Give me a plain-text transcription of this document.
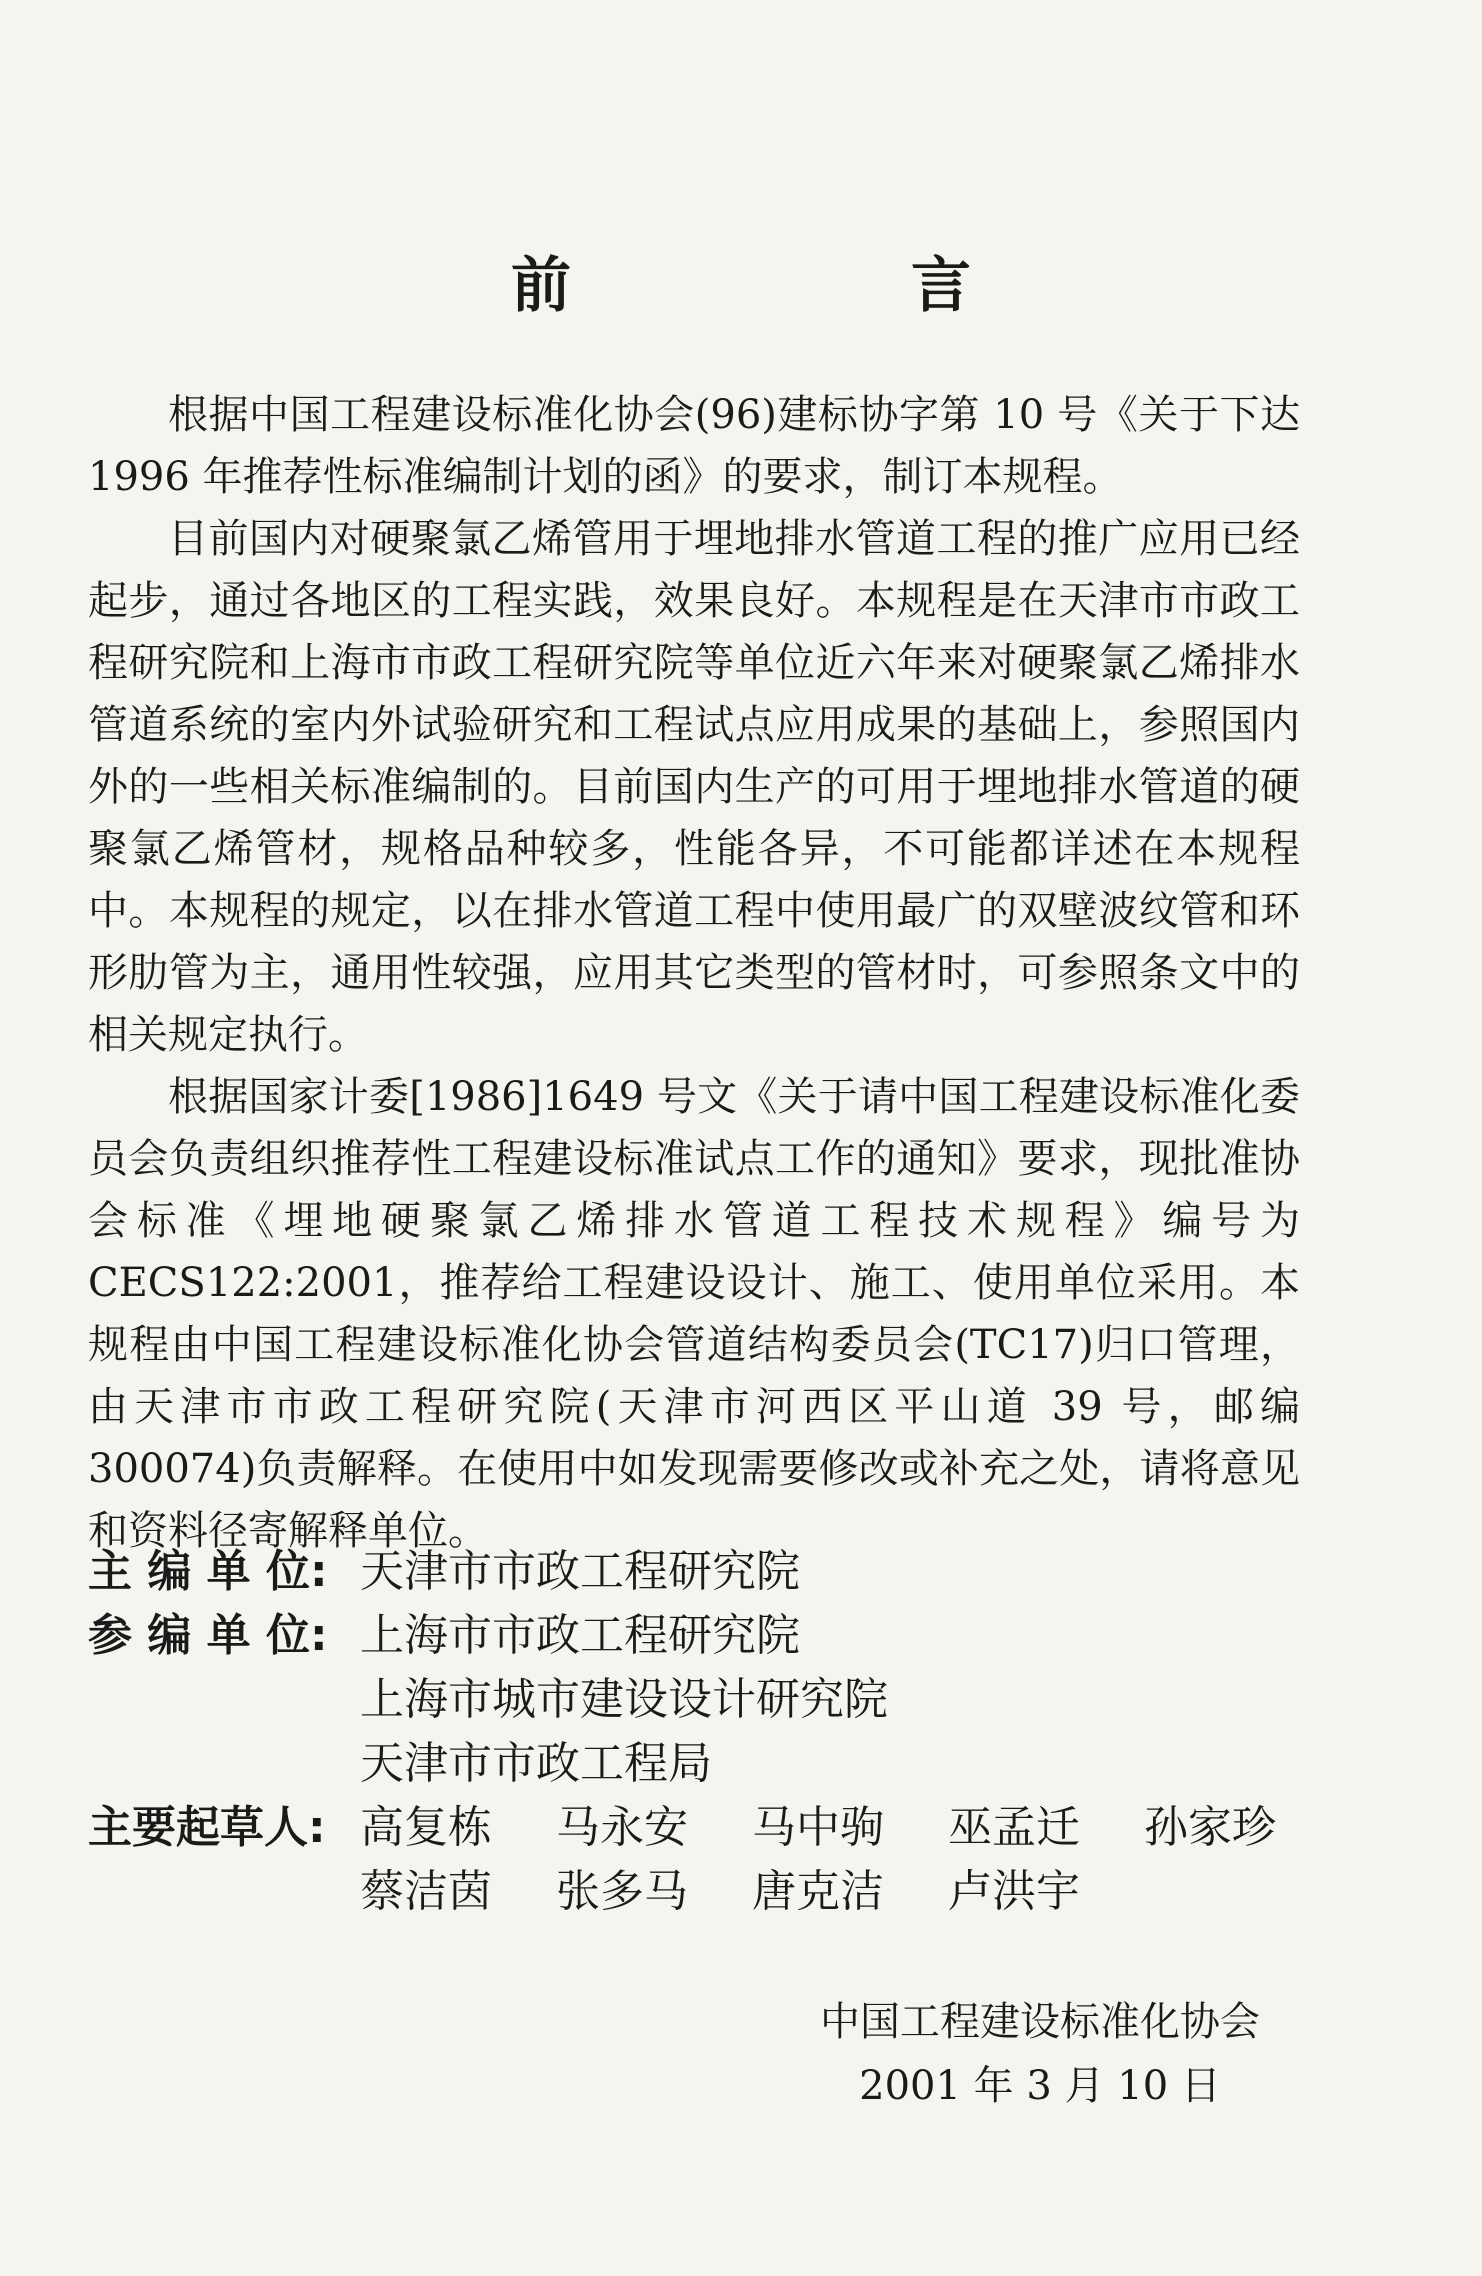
前　言

根据中国工程建设标准化协会(96)建标协字第 10 号《关于下达 1996 年推荐性标准编制计划的函》的要求，制订本规程。

目前国内对硬聚氯乙烯管用于埋地排水管道工程的推广应用已经起步，通过各地区的工程实践，效果良好。本规程是在天津市市政工程研究院和上海市市政工程研究院等单位近六年来对硬聚氯乙烯排水管道系统的室内外试验研究和工程试点应用成果的基础上，参照国内外的一些相关标准编制的。目前国内生产的可用于埋地排水管道的硬聚氯乙烯管材，规格品种较多，性能各异，不可能都详述在本规程中。本规程的规定，以在排水管道工程中使用最广的双壁波纹管和环形肋管为主，通用性较强，应用其它类型的管材时，可参照条文中的相关规定执行。

根据国家计委[1986]1649 号文《关于请中国工程建设标准化委员会负责组织推荐性工程建设标准试点工作的通知》要求，现批准协会标准《埋地硬聚氯乙烯排水管道工程技术规程》编号为 CECS122:2001，推荐给工程建设设计、施工、使用单位采用。本规程由中国工程建设标准化协会管道结构委员会(TC17)归口管理，由天津市市政工程研究院(天津市河西区平山道 39 号，邮编 300074)负责解释。在使用中如发现需要修改或补充之处，请将意见和资料径寄解释单位。

主 编 单 位: 天津市市政工程研究院
参 编 单 位: 上海市市政工程研究院
上海市城市建设设计研究院
天津市市政工程局
主要起草人: 高复栋	马永安	马中驹	巫孟迁	孙家珍
蔡洁茵	张多马	唐克洁	卢洪宇
中国工程建设标准化协会
2001 年 3 月 10 日
